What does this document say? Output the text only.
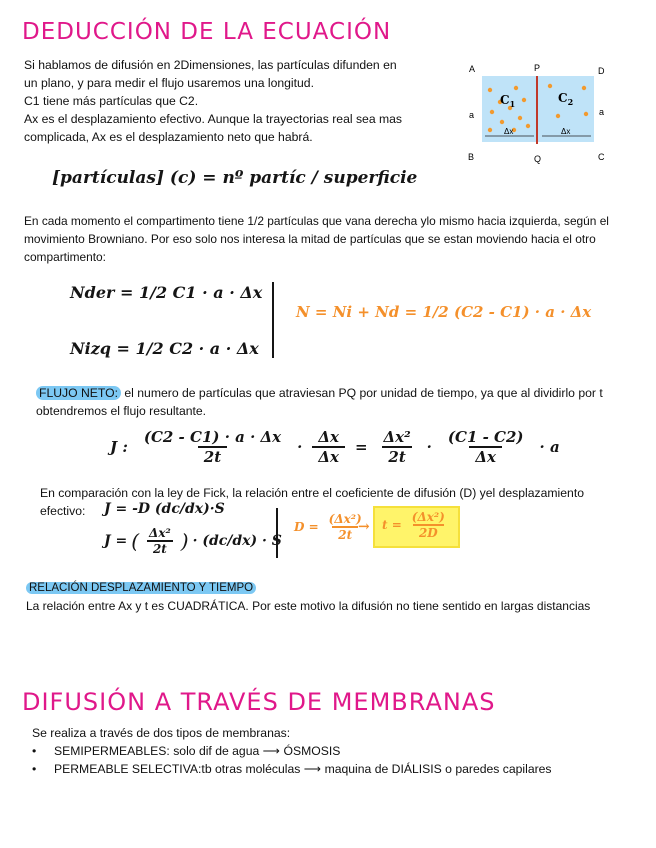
DEDUCCIÓN DE LA ECUACIÓN
Si hablamos de difusión en 2Dimensiones, las partículas difunden en
un plano, y para medir el flujo usaremos una longitud.
C1 tiene más partículas que C2.
Ax es el desplazamiento efectivo. Aunque la trayectorias real sea mas
complicada, Ax es el desplazamiento neto que habrá.
A	P	D
a	a
B	Q	C
$C_1$	$C_2$
Δx	Δx
[partículas] (c) = nº partíc / superficie
En cada momento el compartimento tiene 1/2 partículas que vana derecha ylo mismo hacia izquierda, según el
movimiento Browniano. Por eso solo nos interesa la mitad de partículas que se estan moviendo hacia el otro
compartimento:
Nder = 1/2 C1 · a · Δx
Nizq = 1/2 C2 · a · Δx
N = Ni + Nd = 1/2 (C2 - C1) · a · Δx
FLUJO NETO: el numero de partículas que atraviesan PQ por unidad de tiempo, ya que al dividirlo por t
obtendremos el flujo resultante.
J : $\frac{(C2 - C1) \cdot a \cdot \Delta x}{2t} \cdot \frac{\Delta x}{\Delta x} = \frac{\text{Δx²}}{2t} \cdot \frac{(C1 - C2)}{\Delta x} \cdot a$
En comparación con la ley de Fick, la relación entre el coeficiente de difusión (D) yel desplazamiento
efectivo:	J = -D (dc/dx)·S
J = ( $\frac{\text{Δx²}}{2t}$ ) · (dc/dx) · S
$D = \frac{\text{(Δx²)}}{2t}$
→ $t = \frac{\text{(Δx²)}}{2D}$
RELACIÓN DESPLAZAMIENTO Y TIEMPO
La relación entre Ax y t es CUADRÁTICA. Por este motivo la difusión no tiene sentido en largas distancias
DIFUSIÓN A TRAVÉS DE MEMBRANAS
Se realiza a través de dos tipos de membranas:
• SEMIPERMEABLES: solo dif de agua ⟶ ÓSMOSIS
• PERMEABLE SELECTIVA:tb otras moléculas ⟶ maquina de DIÁLISIS o paredes capilares
